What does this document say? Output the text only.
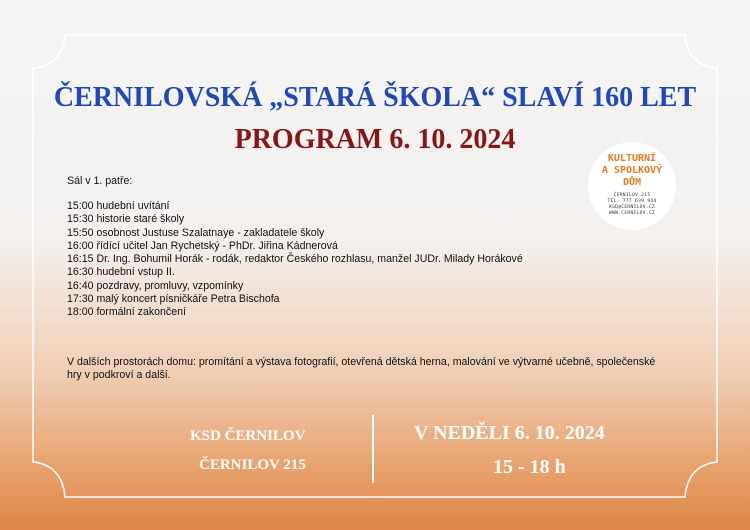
ČERNILOVSKÁ „STARÁ ŠKOLA“ SLAVÍ 160 LET
PROGRAM 6. 10. 2024
KULTURNÍ
A SPOLKOVÝ
DŮM
ČERNILOV 215
TEL. 777 639 944
KSD@CERNILOV.CZ
WWW.CERNILOV.CZ
Sál v 1. patře:
15:00 hudební uvítání
15:30 historie staré školy
15:50 osobnost Justuse Szalatnaye - zakladatele školy
16:00 řídící učitel Jan Rychetský - PhDr. Jiřina Kádnerová
16:15 Dr. Ing. Bohumil Horák - rodák, redaktor Českého rozhlasu, manžel JUDr. Milady Horákové
16:30 hudební vstup II.
16:40 pozdravy, promluvy, vzpomínky
17:30 malý koncert písničkáře Petra Bischofa
18:00 formální zakončení
V dalších prostorách domu: promítání a výstava fotografií, otevřená dětská herna, malování ve výtvarné učebně, společenské hry v podkroví a další.
KSD ČERNILOV
ČERNILOV 215
V NEDĚLI 6. 10. 2024
15 - 18 h
